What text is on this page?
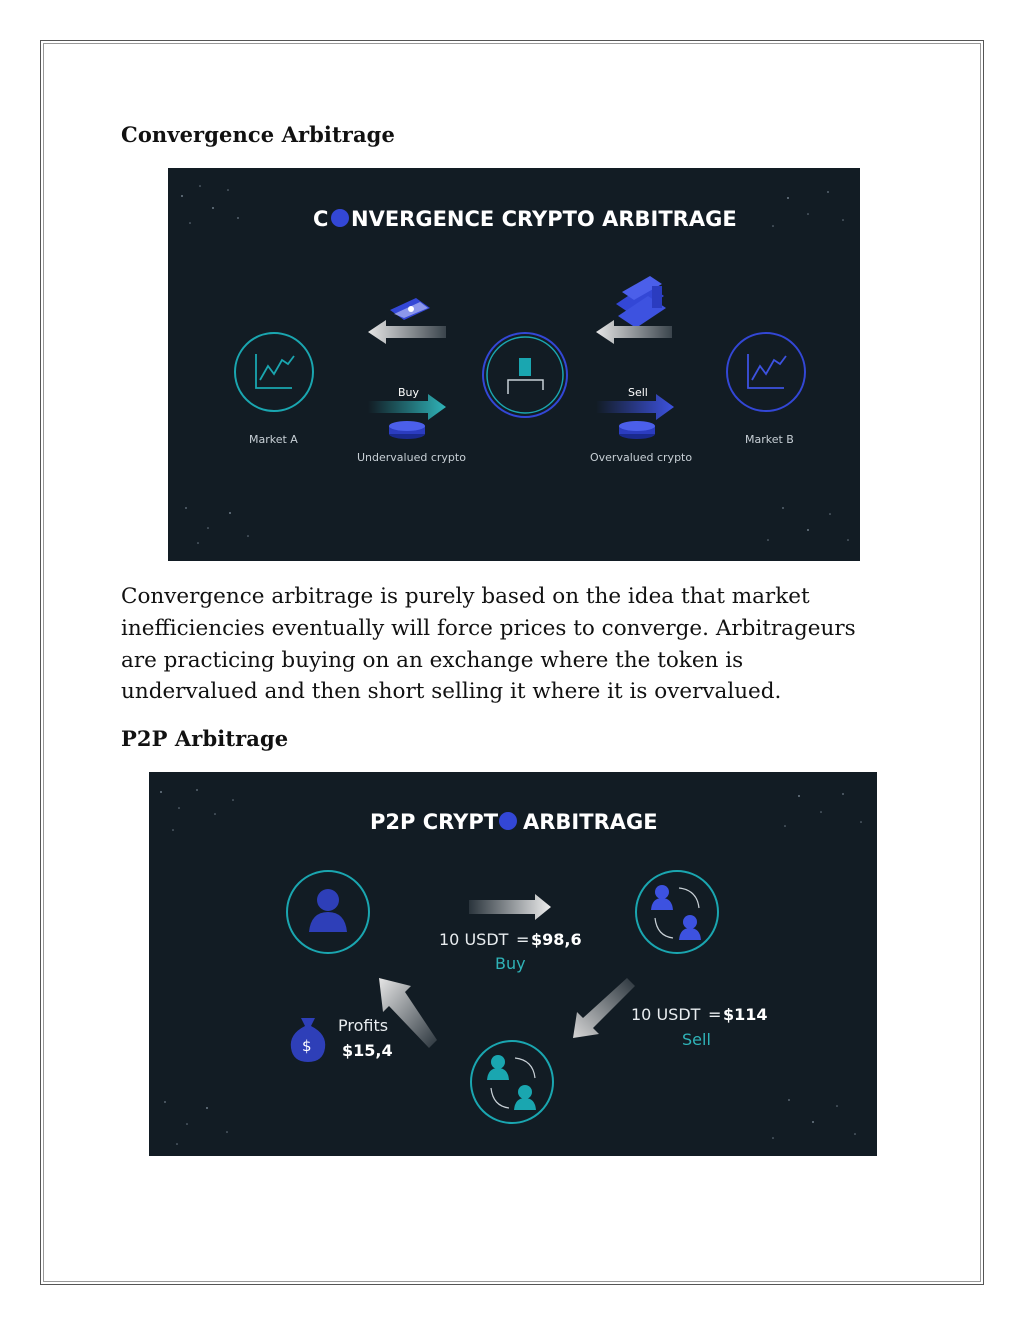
Convergence Arbitrage
C NVERGENCE CRYPTO ARBITRAGE
Market A	Market B
Buy
Undervalued crypto
Sell
Overvalued crypto
Convergence arbitrage is purely based on the idea that market
inefficiencies eventually will force prices to converge. Arbitrageurs
are practicing buying on an exchange where the token is
undervalued and then short selling it where it is overvalued.
P2P Arbitrage
P2P CRYPT ARBITRAGE
10 USDT = $98,6
Buy
10 USDT = $114
Sell
$
Profits
$15,4
